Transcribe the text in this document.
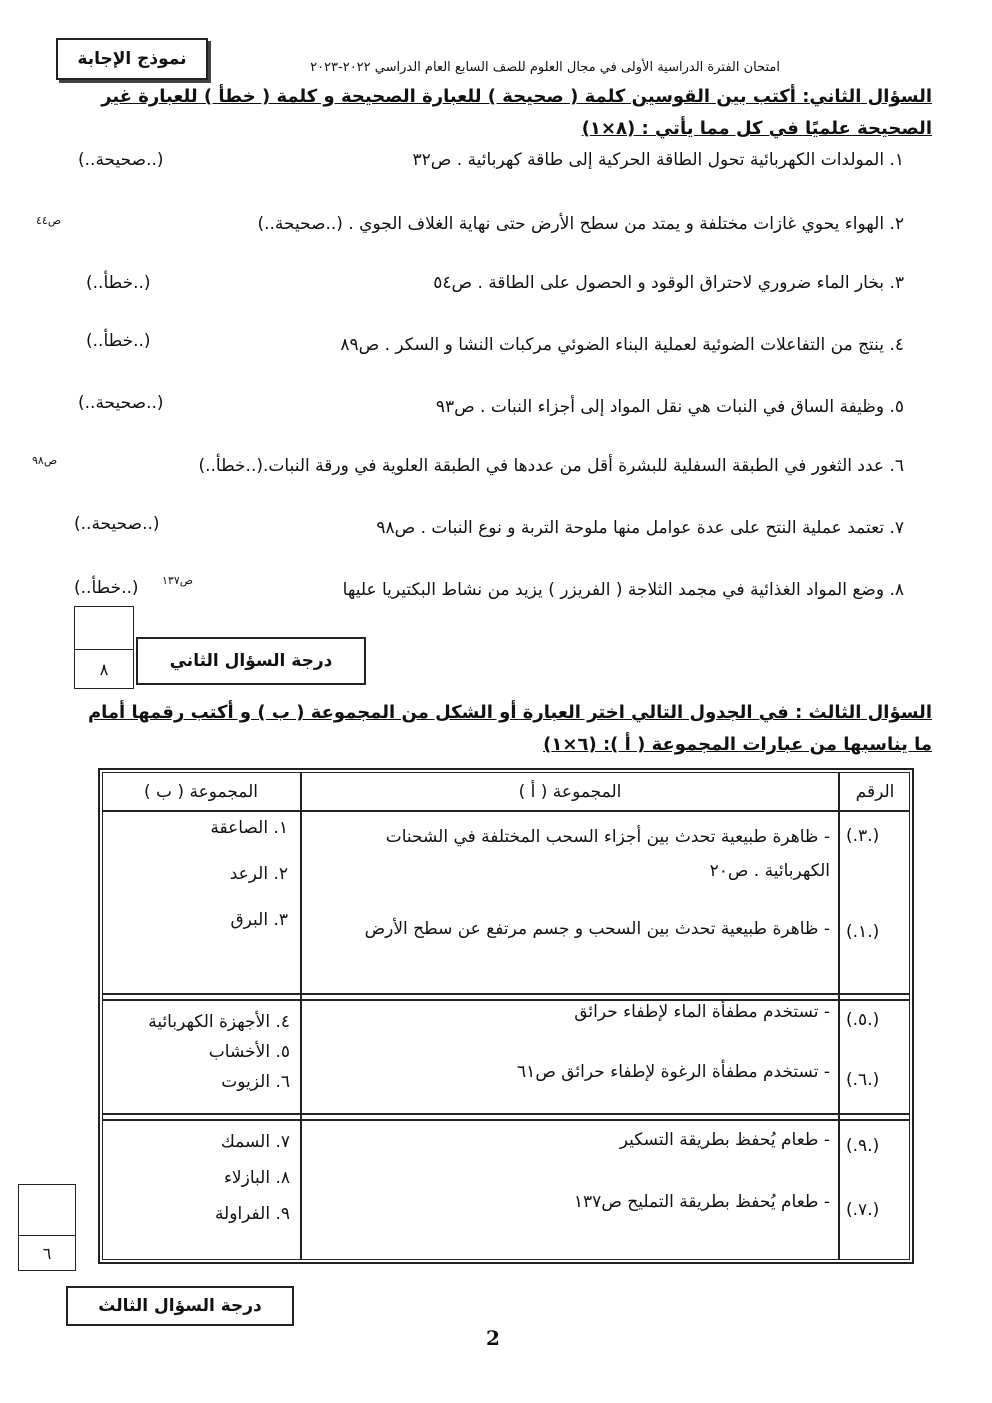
نموذج الإجابة	امتحان الفترة الدراسية الأولى في مجال العلوم للصف السابع العام الدراسي ٢٠٢٢-٢٠٢٣
السؤال الثاني: أكتب بين القوسين كلمة ( صحيحة ) للعبارة الصحيحة و كلمة ( خطأ ) للعبارة غير
الصحيحة علميًا في كل مما يأتي : (٨×١)
١. المولدات الكهربائية تحول الطاقة الحركية إلى طاقة كهربائية . ص٣٢
(..صحيحة..)
٢. الهواء يحوي غازات مختلفة و يمتد من سطح الأرض حتى نهاية الغلاف الجوي . (..صحيحة..)
ص٤٤
٣. بخار الماء ضروري لاحتراق الوقود و الحصول على الطاقة . ص٥٤
(..خطأ..)
٤. ينتج من التفاعلات الضوئية لعملية البناء الضوئي مركبات النشا و السكر . ص٨٩
(..خطأ..)
٥. وظيفة الساق في النبات هي نقل المواد إلى أجزاء النبات . ص٩٣
(..صحيحة..)
٦. عدد الثغور في الطبقة السفلية للبشرة أقل من عددها في الطبقة العلوية في ورقة النبات.(..خطأ..)
ص٩٨
٧. تعتمد عملية النتح على عدة عوامل منها ملوحة التربة و نوع النبات . ص٩٨
(..صحيحة..)
٨. وضع المواد الغذائية في مجمد الثلاجة ( الفريزر ) يزيد من نشاط البكتيريا عليها
ص١٣٧
(..خطأ..)
٨	درجة السؤال الثاني
السؤال الثالث : في الجدول التالي اختر العبارة أو الشكل من المجموعة ( ب ) و أكتب رقمها أمام
ما يناسبها من عبارات المجموعة ( أ ): (٦×١)
الرقم
المجموعة ( أ )
المجموعة ( ب )
(.٣.)
- ظاهرة طبيعية تحدث بين أجزاء السحب المختلفة في الشحنات الكهربائية . ص٢٠
(.١.)
- ظاهرة طبيعية تحدث بين السحب و جسم مرتفع عن سطح الأرض
١. الصاعقة
٢. الرعد
٣. البرق
(.٥.)
- تستخدم مطفأة الماء لإطفاء حرائق
(.٦.)
- تستخدم مطفأة الرغوة لإطفاء حرائق ص٦١
٤. الأجهزة الكهربائية
٥. الأخشاب
٦. الزيوت
(.٩.)
- طعام يُحفظ بطريقة التسكير
(.٧.)
- طعام يُحفظ بطريقة التمليح ص١٣٧
٧. السمك
٨. البازلاء
٩. الفراولة
٦
درجة السؤال الثالث
2
